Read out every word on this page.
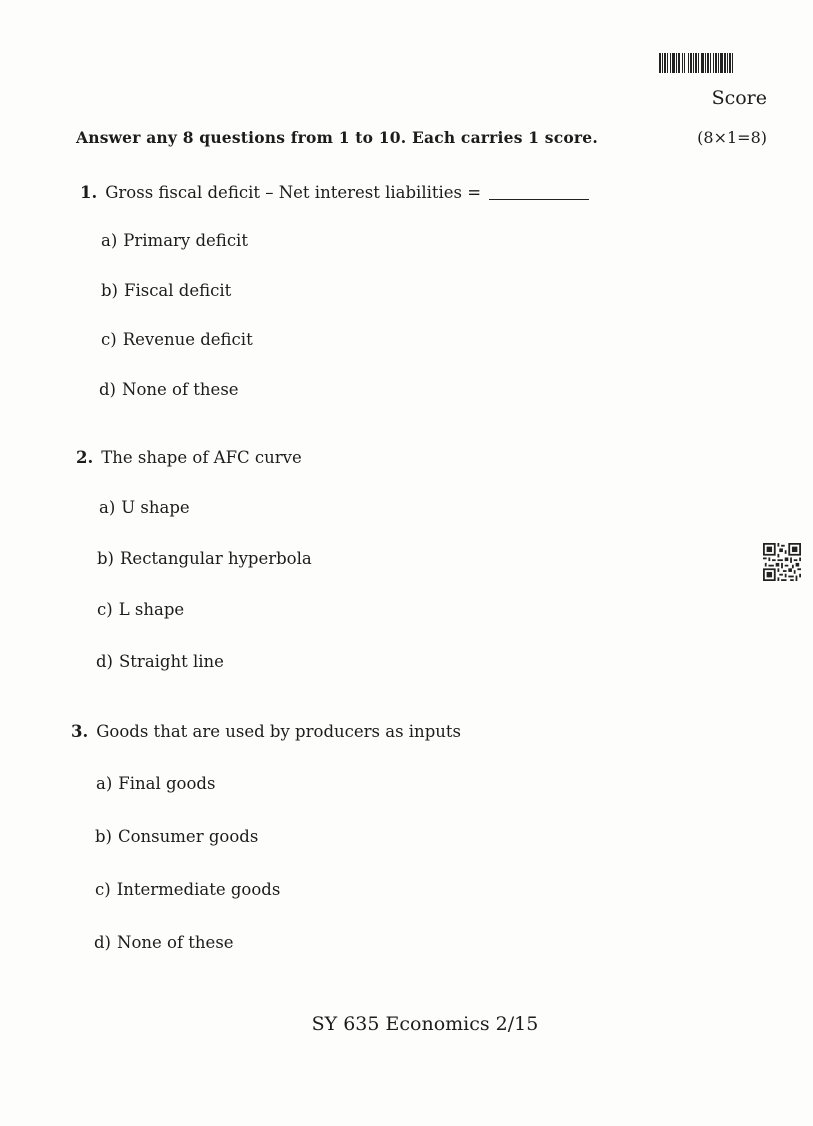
Score
Answer any 8 questions from 1 to 10. Each carries 1 score.	(8×1=8)
1. Gross fiscal deficit – Net interest liabilities =
a) Primary deficit
b) Fiscal deficit
c) Revenue deficit
d) None of these
2. The shape of AFC curve
a) U shape
b) Rectangular hyperbola
c) L shape
d) Straight line
3. Goods that are used by producers as inputs
a) Final goods
b) Consumer goods
c) Intermediate goods
d) None of these
SY 635 Economics 2/15
